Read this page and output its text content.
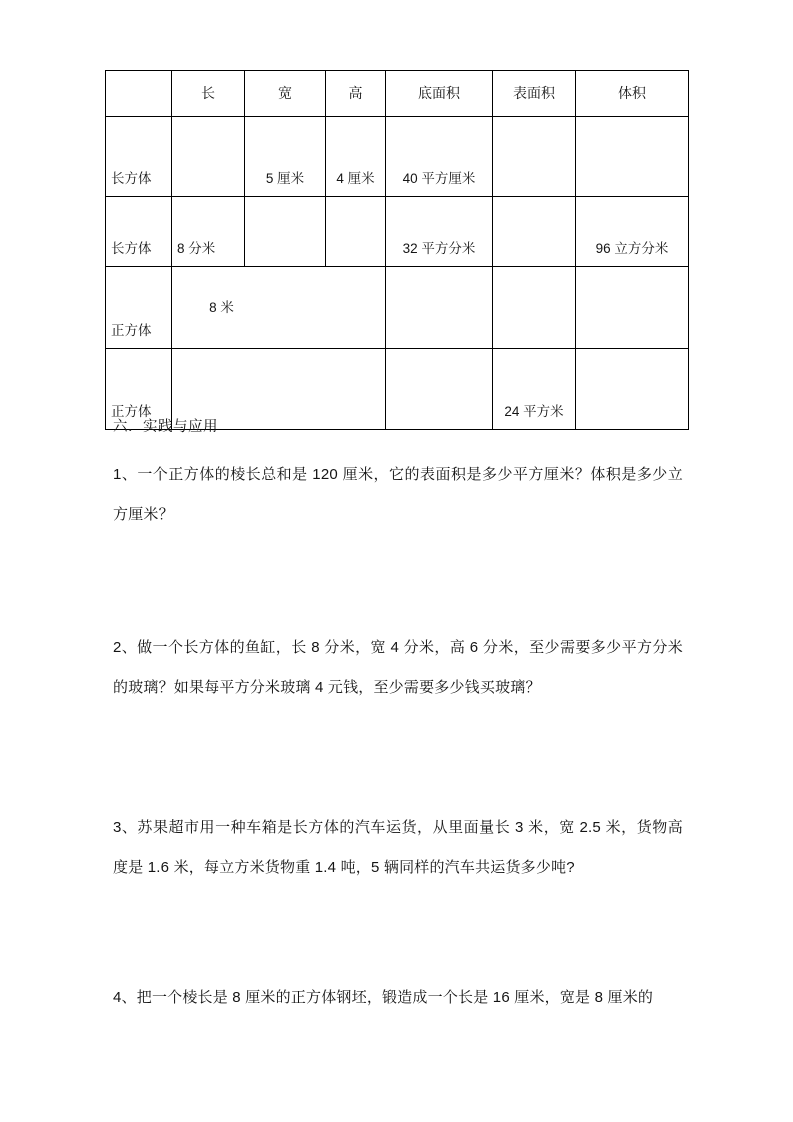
	长	宽	高	底面积	表面积	体积
长方体		5 厘米	4 厘米	40 平方厘米		
长方体	8 分米			32 平方分米		96 立方分米
正方体	8 米					
正方体					24 平方米	
六．实践与应用
1、一个正方体的棱长总和是 120 厘米，它的表面积是多少平方厘米？体积是多少立方厘米？
2、做一个长方体的鱼缸，长 8 分米，宽 4 分米，高 6 分米，至少需要多少平方分米的玻璃？如果每平方分米玻璃 4 元钱，至少需要多少钱买玻璃？
3、苏果超市用一种车箱是长方体的汽车运货，从里面量长 3 米，宽 2.5 米，货物高度是 1.6 米，每立方米货物重 1.4 吨，5 辆同样的汽车共运货多少吨?
4、把一个棱长是 8 厘米的正方体钢坯，锻造成一个长是 16 厘米，宽是 8 厘米的
